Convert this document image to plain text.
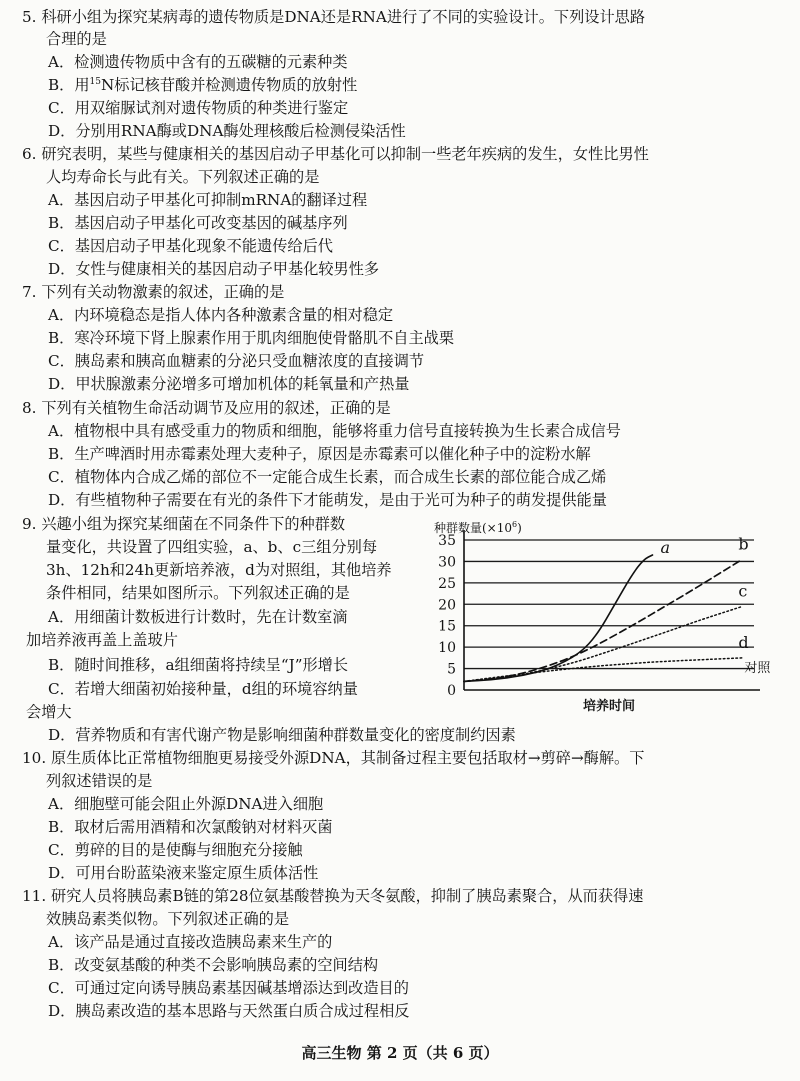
5. 科研小组为探究某病毒的遗传物质是DNA还是RNA进行了不同的实验设计。下列设计思路
合理的是
A．检测遗传物质中含有的五碳糖的元素种类
B．用$^{15}$N标记核苷酸并检测遗传物质的放射性
C．用双缩脲试剂对遗传物质的种类进行鉴定
D．分别用RNA酶或DNA酶处理核酸后检测侵染活性
6. 研究表明，某些与健康相关的基因启动子甲基化可以抑制一些老年疾病的发生，女性比男性
人均寿命长与此有关。下列叙述正确的是
A．基因启动子甲基化可抑制mRNA的翻译过程
B．基因启动子甲基化可改变基因的碱基序列
C．基因启动子甲基化现象不能遗传给后代
D．女性与健康相关的基因启动子甲基化较男性多
7. 下列有关动物激素的叙述，正确的是
A．内环境稳态是指人体内各种激素含量的相对稳定
B．寒冷环境下肾上腺素作用于肌肉细胞使骨骼肌不自主战栗
C．胰岛素和胰高血糖素的分泌只受血糖浓度的直接调节
D．甲状腺激素分泌增多可增加机体的耗氧量和产热量
8. 下列有关植物生命活动调节及应用的叙述，正确的是
A．植物根中具有感受重力的物质和细胞，能够将重力信号直接转换为生长素合成信号
B．生产啤酒时用赤霉素处理大麦种子，原因是赤霉素可以催化种子中的淀粉水解
C．植物体内合成乙烯的部位不一定能合成生长素，而合成生长素的部位能合成乙烯
D．有些植物种子需要在有光的条件下才能萌发，是由于光可为种子的萌发提供能量
9. 兴趣小组为探究某细菌在不同条件下的种群数
量变化，共设置了四组实验，a、b、c三组分别每
3h、12h和24h更新培养液，d为对照组，其他培养
条件相同，结果如图所示。下列叙述正确的是
A．用细菌计数板进行计数时，先在计数室滴
加培养液再盖上盖玻片
B．随时间推移，a组细菌将持续呈“J”形增长
C．若增大细菌初始接种量，d组的环境容纳量
会增大
D．营养物质和有害代谢产物是影响细菌种群数量变化的密度制约因素
0
5
10
15
20
25
30
35
种群数量$(\times 10^6)$
培养时间
a	b
c
d
对照
10. 原生质体比正常植物细胞更易接受外源DNA，其制备过程主要包括取材→剪碎→酶解。下
列叙述错误的是
A．细胞壁可能会阻止外源DNA进入细胞
B．取材后需用酒精和次氯酸钠对材料灭菌
C．剪碎的目的是使酶与细胞充分接触
D．可用台盼蓝染液来鉴定原生质体活性
11. 研究人员将胰岛素B链的第28位氨基酸替换为天冬氨酸，抑制了胰岛素聚合，从而获得速
效胰岛素类似物。下列叙述正确的是
A．该产品是通过直接改造胰岛素来生产的
B．改变氨基酸的种类不会影响胰岛素的空间结构
C．可通过定向诱导胰岛素基因碱基增添达到改造目的
D．胰岛素改造的基本思路与天然蛋白质合成过程相反
高三生物 第 2 页（共 6 页）
